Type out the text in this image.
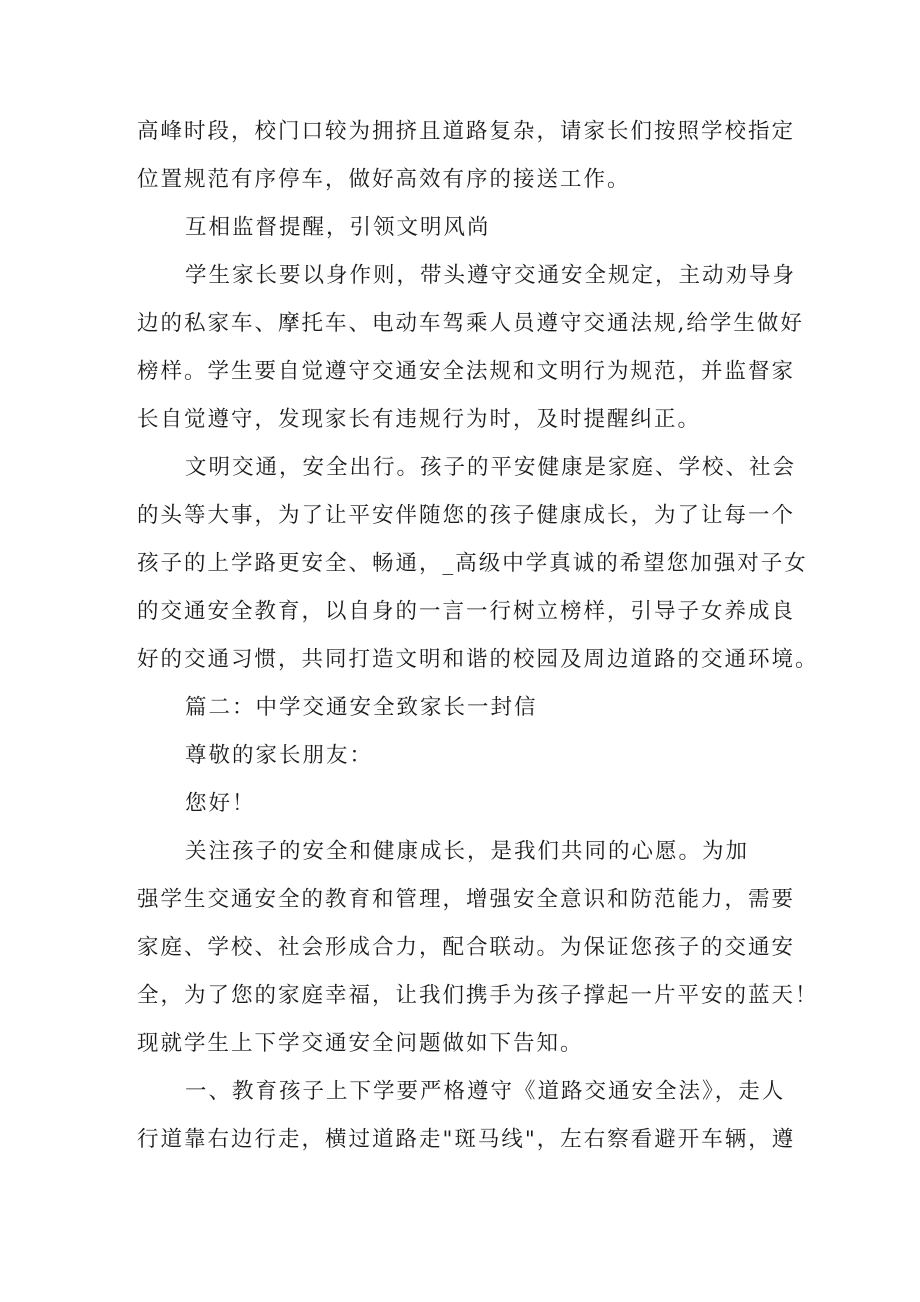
高峰时段，校门口较为拥挤且道路复杂，请家长们按照学校指定
位置规范有序停车，做好高效有序的接送工作。
互相监督提醒，引领文明风尚
学生家长要以身作则，带头遵守交通安全规定，主动劝导身
边的私家车、摩托车、电动车驾乘人员遵守交通法规,给学生做好
榜样。学生要自觉遵守交通安全法规和文明行为规范，并监督家
长自觉遵守，发现家长有违规行为时，及时提醒纠正。
文明交通，安全出行。孩子的平安健康是家庭、学校、社会
的头等大事，为了让平安伴随您的孩子健康成长，为了让每一个
孩子的上学路更安全、畅通，_高级中学真诚的希望您加强对子女
的交通安全教育，以自身的一言一行树立榜样，引导子女养成良
好的交通习惯，共同打造文明和谐的校园及周边道路的交通环境。
篇二：中学交通安全致家长一封信
尊敬的家长朋友：
您好！
关注孩子的安全和健康成长，是我们共同的心愿。为加
强学生交通安全的教育和管理，增强安全意识和防范能力，需要
家庭、学校、社会形成合力，配合联动。为保证您孩子的交通安
全，为了您的家庭幸福，让我们携手为孩子撑起一片平安的蓝天！
现就学生上下学交通安全问题做如下告知。
一、教育孩子上下学要严格遵守《道路交通安全法》，走人
行道靠右边行走，横过道路走"斑马线"，左右察看避开车辆，遵
